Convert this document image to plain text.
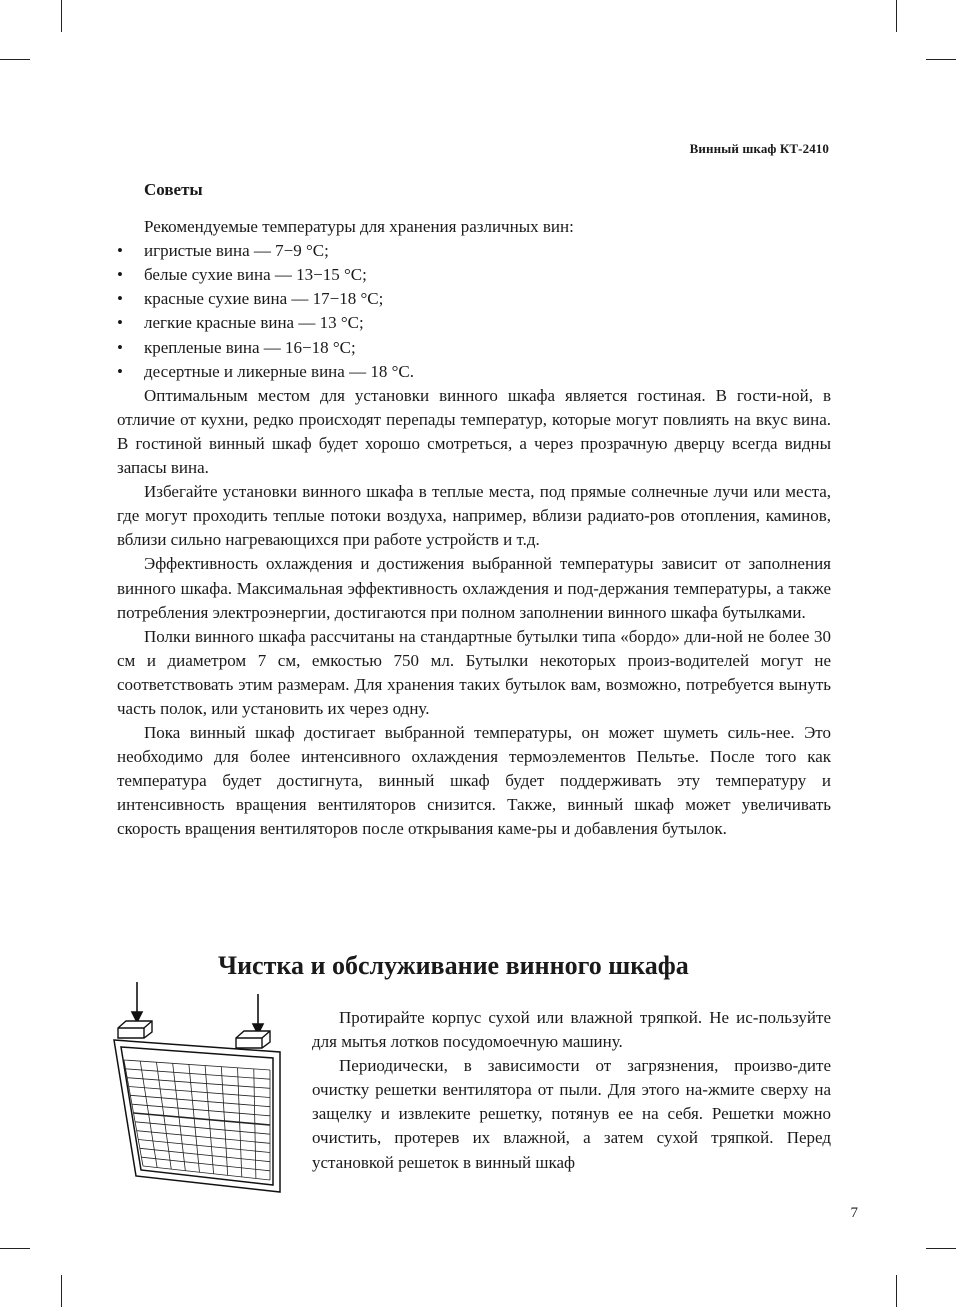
Винный шкаф КТ-2410
Советы

Рекомендуемые температуры для хранения различных вин:

• игристые вина — 7−9 °С;
• белые сухие вина — 13−15 °С;
• красные сухие вина — 17−18 °С;
• легкие красные вина — 13 °С;
• крепленые вина — 16−18 °С;
• десертные и ликерные вина — 18 °С.

Оптимальным местом для установки винного шкафа является гостиная. В гости-ной, в отличие от кухни, редко происходят перепады температур, которые могут повлиять на вкус вина. В гостиной винный шкаф будет хорошо смотреться, а через прозрачную дверцу всегда видны запасы вина.

Избегайте установки винного шкафа в теплые места, под прямые солнечные лучи или места, где могут проходить теплые потоки воздуха, например, вблизи радиато-ров отопления, каминов, вблизи сильно нагревающихся при работе устройств и т.д.

Эффективность охлаждения и достижения выбранной температуры зависит от заполнения винного шкафа. Максимальная эффективность охлаждения и под-держания температуры, а также потребления электроэнергии, достигаются при полном заполнении винного шкафа бутылками.

Полки винного шкафа рассчитаны на стандартные бутылки типа «бордо» дли-ной не более 30 см и диаметром 7 см, емкостью 750 мл. Бутылки некоторых произ-водителей могут не соответствовать этим размерам. Для хранения таких бутылок вам, возможно, потребуется вынуть часть полок, или установить их через одну.

Пока винный шкаф достигает выбранной температуры, он может шуметь силь-нее. Это необходимо для более интенсивного охлаждения термоэлементов Пельтье. После того как температура будет достигнута, винный шкаф будет поддерживать эту температуру и интенсивность вращения вентиляторов снизится. Также, винный шкаф может увеличивать скорость вращения вентиляторов после открывания каме-ры и добавления бутылок.

Чистка и обслуживание винного шкафа

Протирайте корпус сухой или влажной тряпкой. Не ис-пользуйте для мытья лотков посудомоечную машину.

Периодически, в зависимости от загрязнения, произво-дите очистку решетки вентилятора от пыли. Для этого на-жмите сверху на защелку и извлеките решетку, потянув ее на себя. Решетки можно очистить, протерев их влажной, а затем сухой тряпкой. Перед установкой решеток в винный шкаф

7
